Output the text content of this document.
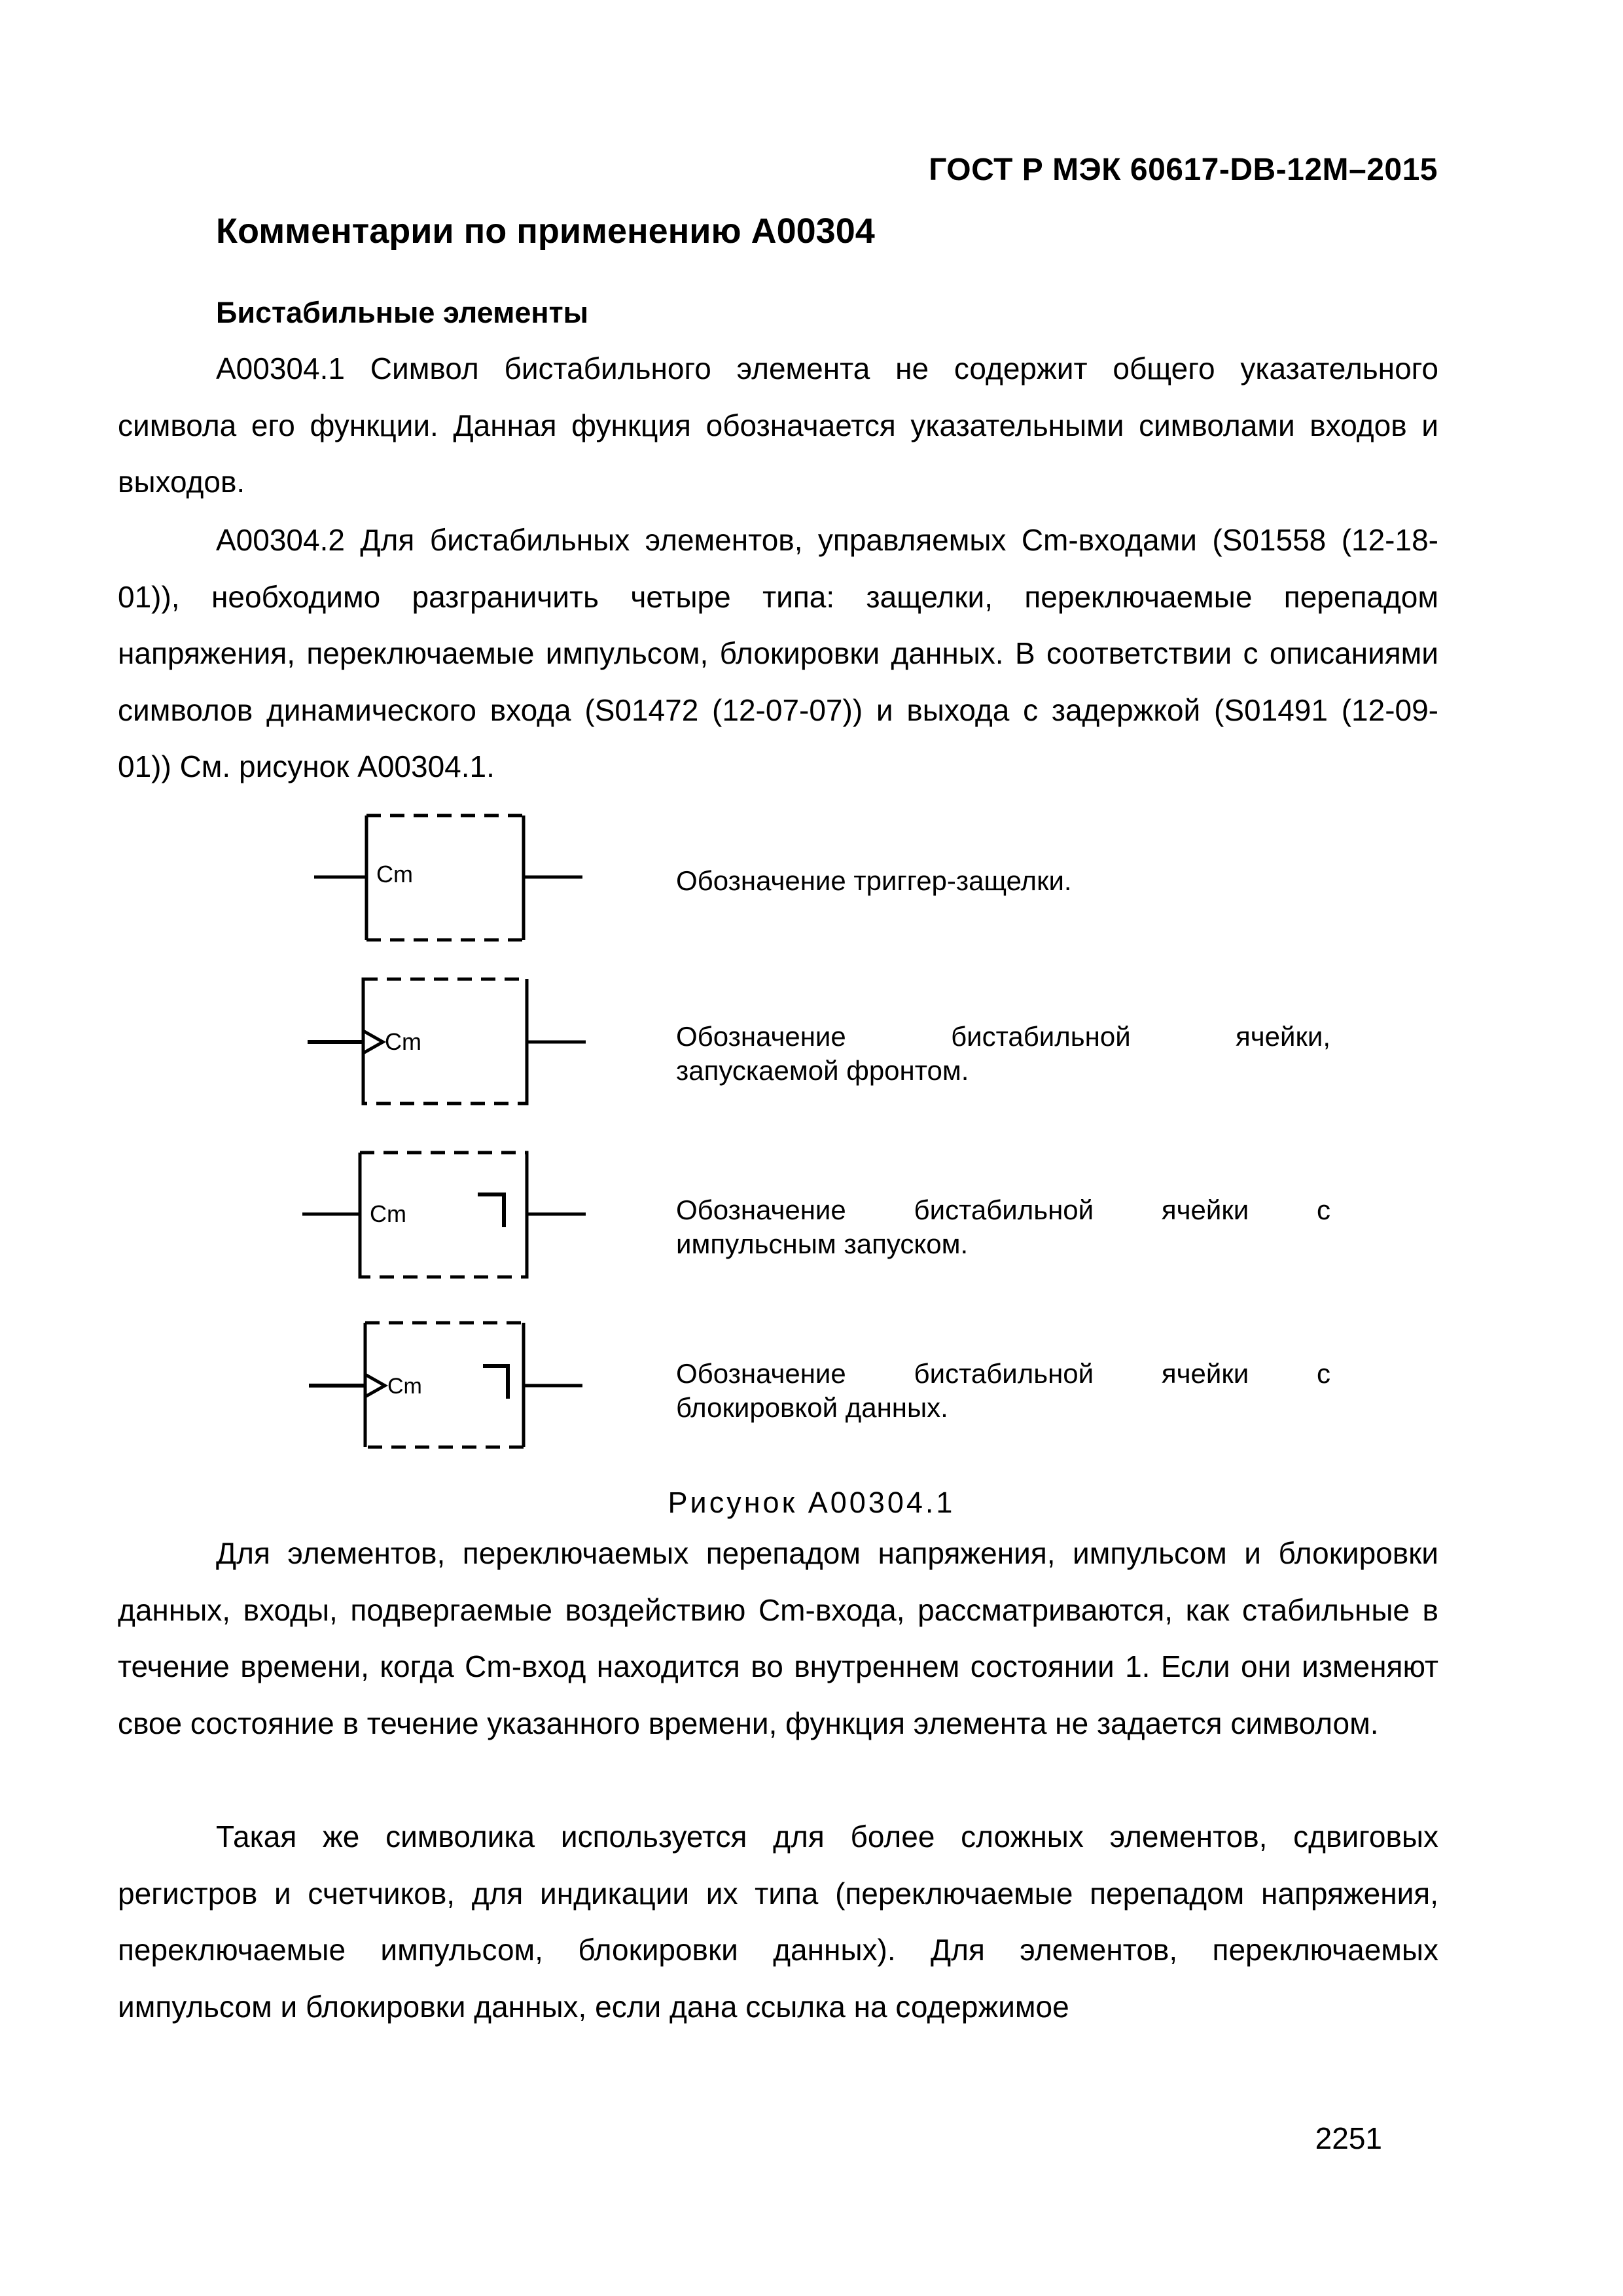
ГОСТ Р МЭК 60617-DB-12M–2015
Комментарии по применению А00304
Бистабильные элементы

А00304.1 Символ бистабильного элемента не содержит общего указательного символа его функции. Данная функция обозначается указательными символами входов и выходов.

А00304.2 Для бистабильных элементов, управляемых Cm-входами (S01558 (12-18-01)), необходимо разграничить четыре типа: защелки, переключаемые перепадом напряжения, переключаемые импульсом, блокировки данных. В соответствии с описаниями символов динамического входа (S01472 (12-07-07)) и выхода с задержкой (S01491 (12-09-01)) См. рисунок А00304.1.

Cm	Обозначение триггер-защелки.
Cm	Обозначение бистабильной ячейки,
запускаемой фронтом.
Cm	Обозначение бистабильной ячейки с
импульсным запуском.
Cm	Обозначение бистабильной ячейки с
блокировкой данных.
Рисунок А00304.1

Для элементов, переключаемых перепадом напряжения, импульсом и блокировки данных, входы, подвергаемые воздействию Cm-входа, рассматриваются, как стабильные в течение времени, когда Cm-вход находится во внутреннем состоянии 1. Если они изменяют свое состояние в течение указанного времени, функция элемента не задается символом.

Такая же символика используется для более сложных элементов, сдвиговых регистров и счетчиков, для индикации их типа (переключаемые перепадом напряжения, переключаемые импульсом, блокировки данных). Для элементов, переключаемых импульсом и блокировки данных, если дана ссылка на содержимое

2251
